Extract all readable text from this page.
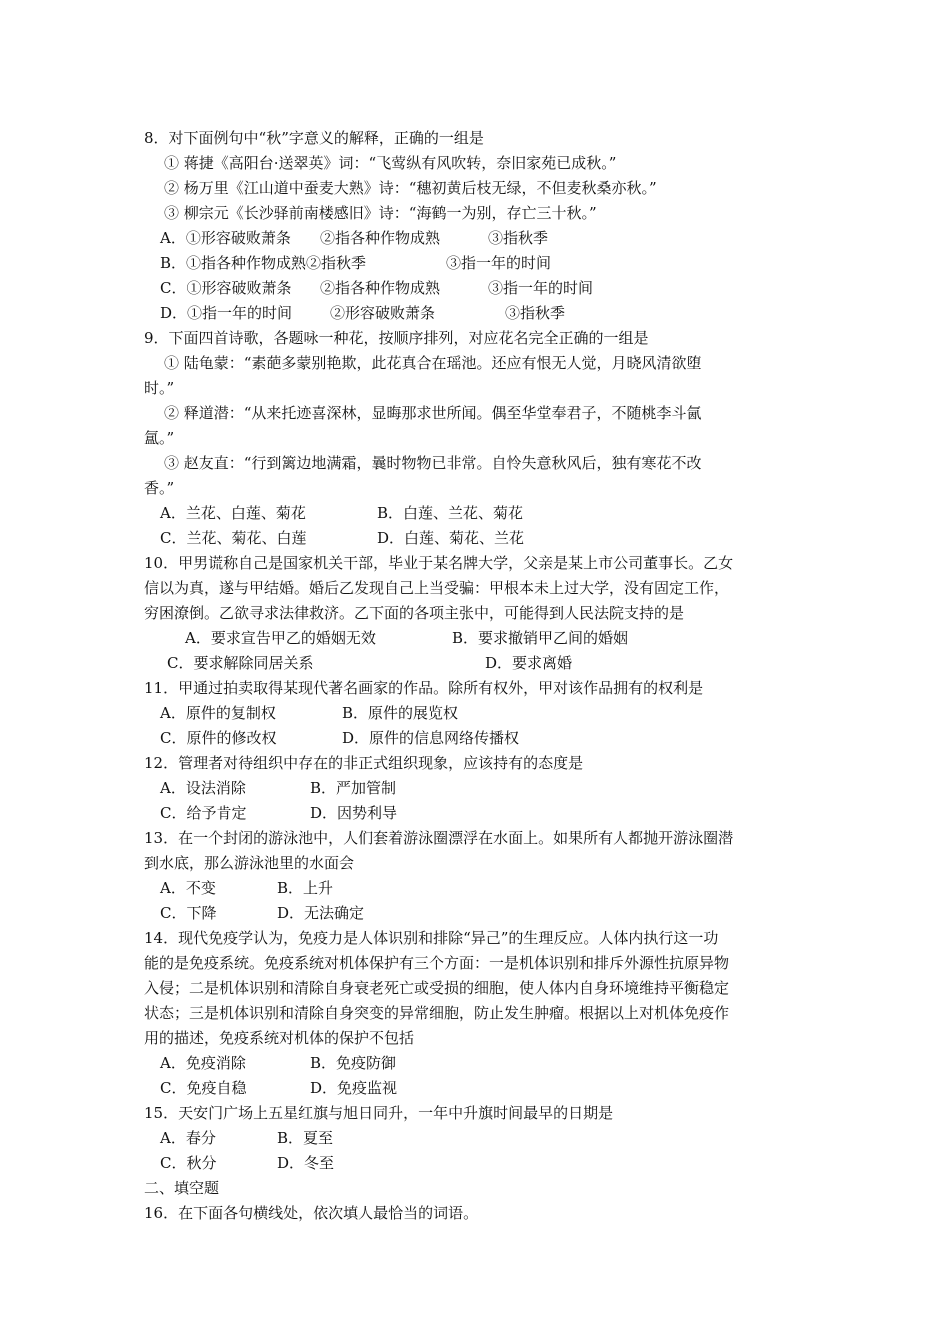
8．对下面例句中“秋”字意义的解释，正确的一组是
① 蒋捷《高阳台·送翠英》词：“飞莺纵有风吹转，奈旧家苑已成秋。”
② 杨万里《江山道中蚕麦大熟》诗：“穗初黄后枝无绿，不但麦秋桑亦秋。”
③ 柳宗元《长沙驿前南楼感旧》诗：“海鹤一为别，存亡三十秋。”
A．①形容破败萧条 ②指各种作物成熟	③指秋季
B．①指各种作物成熟②指秋季	③指一年的时间
C．①形容破败萧条 ②指各种作物成熟	③指一年的时间
D．①指一年的时间	②形容破败萧条	③指秋季
9．下面四首诗歌，各题咏一种花，按顺序排列，对应花名完全正确的一组是
① 陆龟蒙：“素葩多蒙别艳欺，此花真合在瑶池。还应有恨无人觉，月晓风清欲堕
时。”
② 释道潜：“从来托迹喜深林，显晦那求世所闻。偶至华堂奉君子，不随桃李斗氤
氲。”
③ 赵友直：“行到篱边地满霜，曩时物物已非常。自怜失意秋风后，独有寒花不改
香。”
A．兰花、白莲、菊花	B．白莲、兰花、菊花
C．兰花、菊花、白莲	D．白莲、菊花、兰花
10．甲男谎称自己是国家机关干部，毕业于某名牌大学，父亲是某上市公司董事长。乙女
信以为真，遂与甲结婚。婚后乙发现自己上当受骗：甲根本未上过大学，没有固定工作，
穷困潦倒。乙欲寻求法律救济。乙下面的各项主张中，可能得到人民法院支持的是
A．要求宣告甲乙的婚姻无效	B．要求撤销甲乙间的婚姻
C．要求解除同居关系	D．要求离婚
11．甲通过拍卖取得某现代著名画家的作品。除所有权外，甲对该作品拥有的权利是
A．原件的复制权	B．原件的展览权
C．原件的修改权	D．原件的信息网络传播权
12．管理者对待组织中存在的非正式组织现象，应该持有的态度是
A．设法消除	B．严加管制
C．给予肯定	D．因势利导
13．在一个封闭的游泳池中，人们套着游泳圈漂浮在水面上。如果所有人都抛开游泳圈潜
到水底，那么游泳池里的水面会
A．不变	B．上升
C．下降	D．无法确定
14．现代免疫学认为，免疫力是人体识别和排除“异己”的生理反应。人体内执行这一功
能的是免疫系统。免疫系统对机体保护有三个方面：一是机体识别和排斥外源性抗原异物
入侵；二是机体识别和清除自身衰老死亡或受损的细胞，使人体内自身环境维持平衡稳定
状态；三是机体识别和清除自身突变的异常细胞，防止发生肿瘤。根据以上对机体免疫作
用的描述，免疫系统对机体的保护不包括
A．免疫消除	B．免疫防御
C．免疫自稳	D．免疫监视
15．天安门广场上五星红旗与旭日同升，一年中升旗时间最早的日期是
A．春分	B．夏至
C．秋分	D．冬至
二、填空题
16．在下面各句横线处，依次填人最恰当的词语。
